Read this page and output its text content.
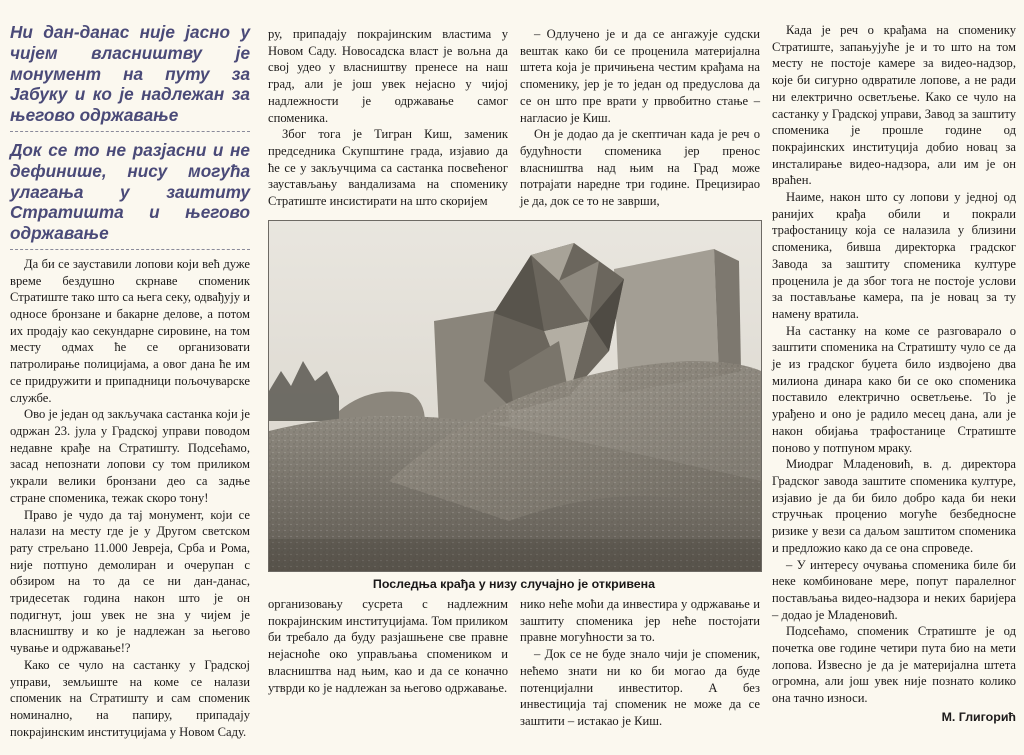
Ни дан-данас није јасно у чијем власништву је монумент на путу за Јабуку и ко је надлежан за његово одржавање
Док се то не разјасни и не дефинише, нису могућа улагања у заштиту Стратишта и његово одржавање

Да би се зауставили лопови који већ дуже време бездушно скрнаве споменик Стратиште тако што са њега секу, одвађују и односе бронзане и бакарне делове, а потом их продају као секундарне сировине, на том месту одмах ће се организовати патролирање полицијама, а овог дана ће им се придружити и припадници пољочуварске службе.

Ово је један од закључака састанка који је одржан 23. јула у Градској управи поводом недавне крађе на Стратишту. Подсећамо, засад непознати лопови су том приликом украли велики бронзани део са задње стране споменика, тежак скоро тону!

Право је чудо да тај монумент, који се налази на месту где је у Другом светском рату стрељано 11.000 Јевреја, Срба и Рома, није потпуно демолиран и очерупан с обзиром на то да се ни дан-данас, тридесетак година након што је он подигнут, још увек не зна у чијем је власништву и ко је надлежан за његово чување и одржавање!?

Како се чуло на састанку у Градској управи, земљиште на коме се налази споменик на Стратишту и сам споменик номинално, на папиру, припадају покрајинским институцијама у Новом Саду.

ру, припадају покрајинским властима у Новом Саду. Новосадска власт је вољна да свој удео у власништву пренесе на наш град, али је још увек нејасно у чијој надлежности је одржавање самог споменика.

Због тога је Тигран Киш, заменик председника Скупштине града, изјавио да ће се у закључцима са састанка посвећеног заустављању вандализама на споменику Стратиште инсистирати на што скоријем

– Одлучено је и да се ангажује судски вештак како би се проценила материјална штета која је причињена честим крађама на споменику, јер је то један од предуслова да се он што пре врати у првобитно стање – нагласио је Киш.

Он је додао да је скептичан када је реч о будућности споменика јер пренос власништва над њим на Град може потрајати наредне три године. Прецизирао је да, док се то не заврши,

Последња крађа у низу случајно је откривена

организовању сусрета с надлежним покрајинским институцијама. Том приликом би требало да буду разјашњене све правне нејасноће око управљања спомеником и власништва над њим, као и да се коначно утврди ко је надлежан за његово одржавање.

нико неће моћи да инвестира у одржавање и заштиту споменика јер неће постојати правне могућности за то.

– Док се не буде знало чији је споменик, нећемо знати ни ко би могао да буде потенцијални инвеститор. А без инвестиција тај споменик не може да се заштити – истакао је Киш.

Када је реч о крађама на споменику Стратиште, запањујуће је и то што на том месту не постоје камере за видео-надзор, које би сигурно одвратиле лопове, а не ради ни електрично осветљење. Како се чуло на састанку у Градској управи, Завод за заштиту споменика је прошле године од покрајинских институција добио новац за инсталирање видео-надзора, али им је он враћен.

Наиме, након што су лопови у једној од ранијих крађа обили и покрали трафостаницу која се налазила у близини споменика, бивша директорка градског Завода за заштиту споменика културе проценила је да због тога не постоје услови за постављање камера, па је новац за ту намену вратила.

На састанку на коме се разговарало о заштити споменика на Стратишту чуло се да је из градског буџета било издвојено два милиона динара како би се око споменика поставило електрично осветљење. То је урађено и оно је радило месец дана, али је након обијања трафостанице Стратиште поново у потпуном мраку.

Миодраг Младеновић, в. д. директора Градског завода заштите споменика културе, изјавио је да би било добро када би неки стручњак проценио могуће безбедносне ризике у вези са даљом заштитом споменика и предложио како да се она спроведе.

– У интересу очувања споменика биле би неке комбиноване мере, попут паралелног постављања видео-надзора и неких баријера – додао је Младеновић.

Подсећамо, споменик Стратиште је од почетка ове године четири пута био на мети лопова. Извесно је да је материјална штета огромна, али још увек није познато колико она тачно износи.

М. Глигорић
